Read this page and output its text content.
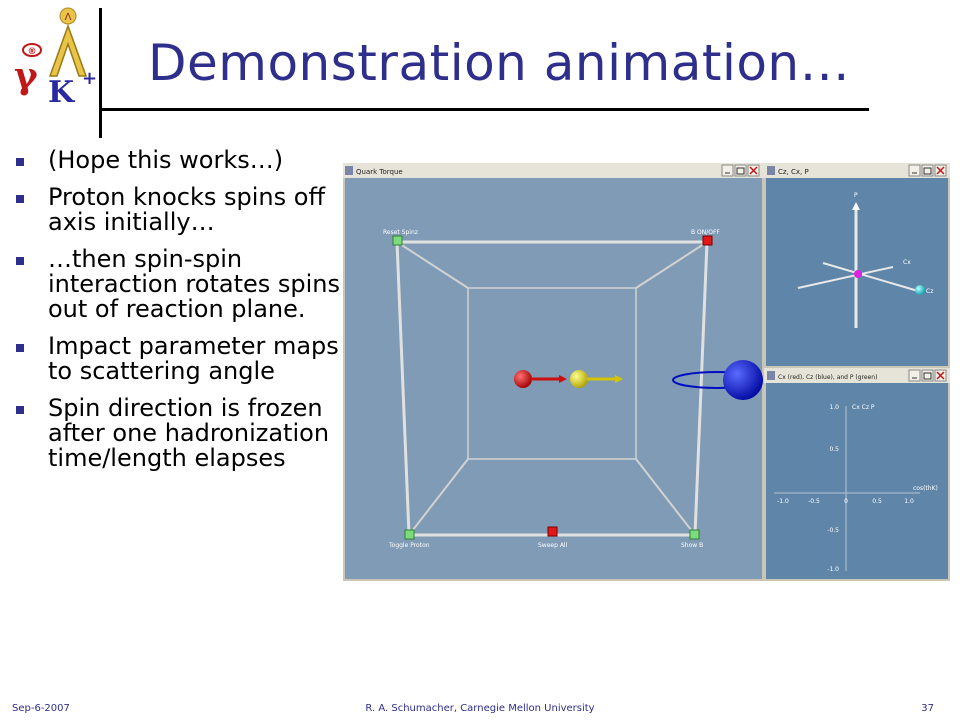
Λ
®
γ K + Demonstration animation…
(Hope this works…)
Proton knocks spins off axis initially…
…then spin-spin interaction rotates spins out of reaction plane.
Impact parameter maps to scattering angle
Spin direction is frozen after one hadronization time/length elapses
Quark Torque
Reset Spinz	B ON/OFF
Toggle Proton	Sweep All	Show B
Cz, Cx, P
P
Cx
Cz
Cx (red), Cz (blue), and P (green)
Cx Cz P
cos(thK)
1.0
0.5
-0.5
-1.0
-1.0	-0.5	0	0.5	1.0
Sep-6-2007	R. A. Schumacher, Carnegie Mellon University	37
